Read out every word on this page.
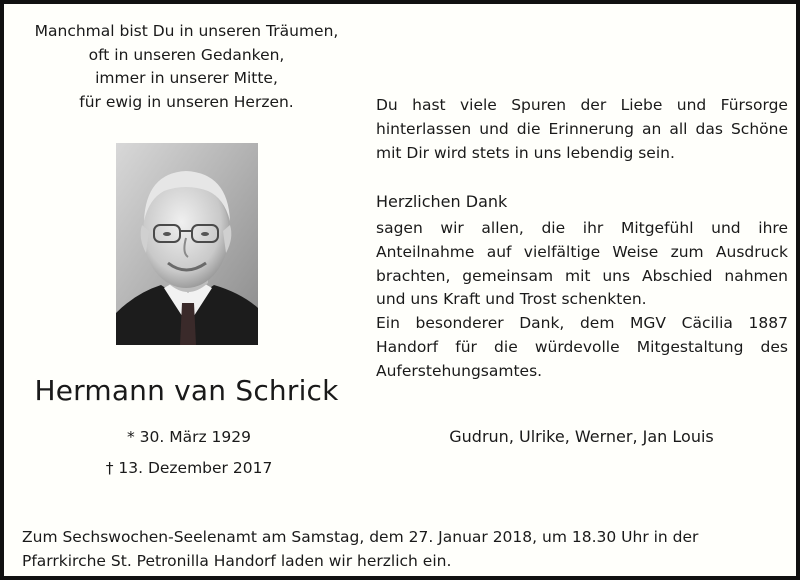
Manchmal bist Du in unseren Träumen,
oft in unseren Gedanken,
immer in unserer Mitte,
für ewig in unseren Herzen.
Hermann van Schrick
* 30. März 1929
† 13. Dezember 2017
Du hast viele Spuren der Liebe und Fürsorge
hinterlassen und die Erinnerung an all das Schöne
mit Dir wird stets in uns lebendig sein.
Herzlichen Dank
sagen wir allen, die ihr Mitgefühl und ihre
Anteilnahme auf vielfältige Weise zum Ausdruck
brachten, gemeinsam mit uns Abschied nahmen
und uns Kraft und Trost schenkten.
Ein besonderer Dank, dem MGV Cäcilia 1887
Handorf für die würdevolle Mitgestaltung des
Auferstehungsamtes.
Gudrun, Ulrike, Werner, Jan Louis
Zum Sechswochen-Seelenamt am Samstag, dem 27. Januar 2018, um 18.30 Uhr in der
Pfarrkirche St. Petronilla Handorf laden wir herzlich ein.
